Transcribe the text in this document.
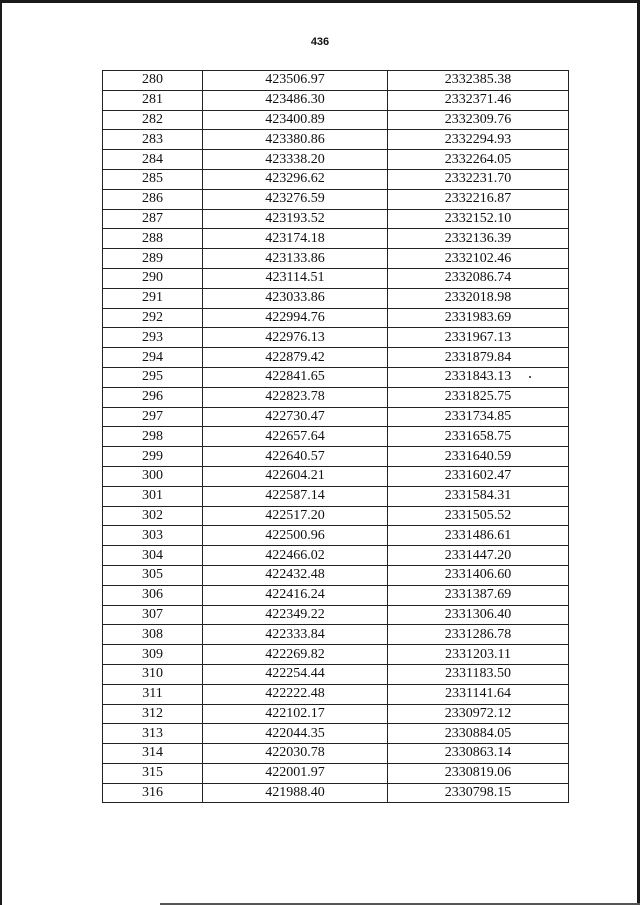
436
280	423506.97	2332385.38
281	423486.30	2332371.46
282	423400.89	2332309.76
283	423380.86	2332294.93
284	423338.20	2332264.05
285	423296.62	2332231.70
286	423276.59	2332216.87
287	423193.52	2332152.10
288	423174.18	2332136.39
289	423133.86	2332102.46
290	423114.51	2332086.74
291	423033.86	2332018.98
292	422994.76	2331983.69
293	422976.13	2331967.13
294	422879.42	2331879.84
295	422841.65	2331843.13
296	422823.78	2331825.75
297	422730.47	2331734.85
298	422657.64	2331658.75
299	422640.57	2331640.59
300	422604.21	2331602.47
301	422587.14	2331584.31
302	422517.20	2331505.52
303	422500.96	2331486.61
304	422466.02	2331447.20
305	422432.48	2331406.60
306	422416.24	2331387.69
307	422349.22	2331306.40
308	422333.84	2331286.78
309	422269.82	2331203.11
310	422254.44	2331183.50
311	422222.48	2331141.64
312	422102.17	2330972.12
313	422044.35	2330884.05
314	422030.78	2330863.14
315	422001.97	2330819.06
316	421988.40	2330798.15
